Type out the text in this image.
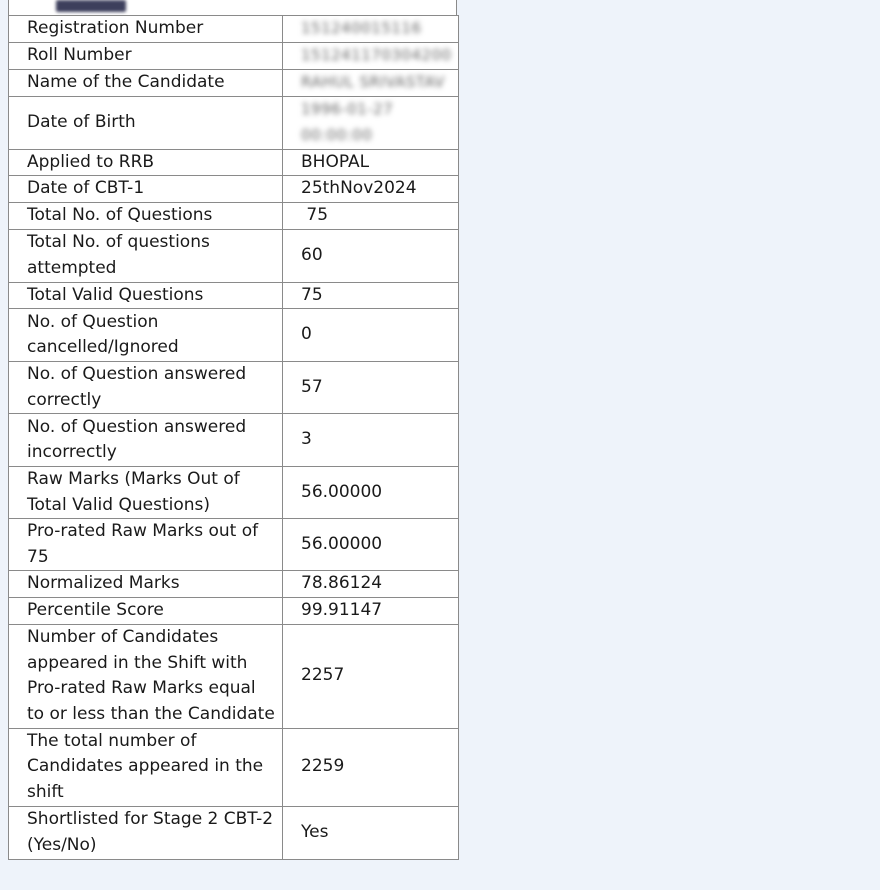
Registration Number	151240015116
Roll Number	151241170304200
Name of the Candidate	RAHUL SRIVASTAV
Date of Birth	1996-01-27 00:00:00
Applied to RRB	BHOPAL
Date of CBT-1	25thNov2024
Total No. of Questions	75
Total No. of questions attempted	60
Total Valid Questions	75
No. of Question cancelled/Ignored	0
No. of Question answered correctly	57
No. of Question answered incorrectly	3
Raw Marks (Marks Out of Total Valid Questions)	56.00000
Pro-rated Raw Marks out of 75	56.00000
Normalized Marks	78.86124
Percentile Score	99.91147
Number of Candidates appeared in the Shift with Pro-rated Raw Marks equal to or less than the Candidate	2257
The total number of Candidates appeared in the shift	2259
Shortlisted for Stage 2 CBT-2 (Yes/No)	Yes
